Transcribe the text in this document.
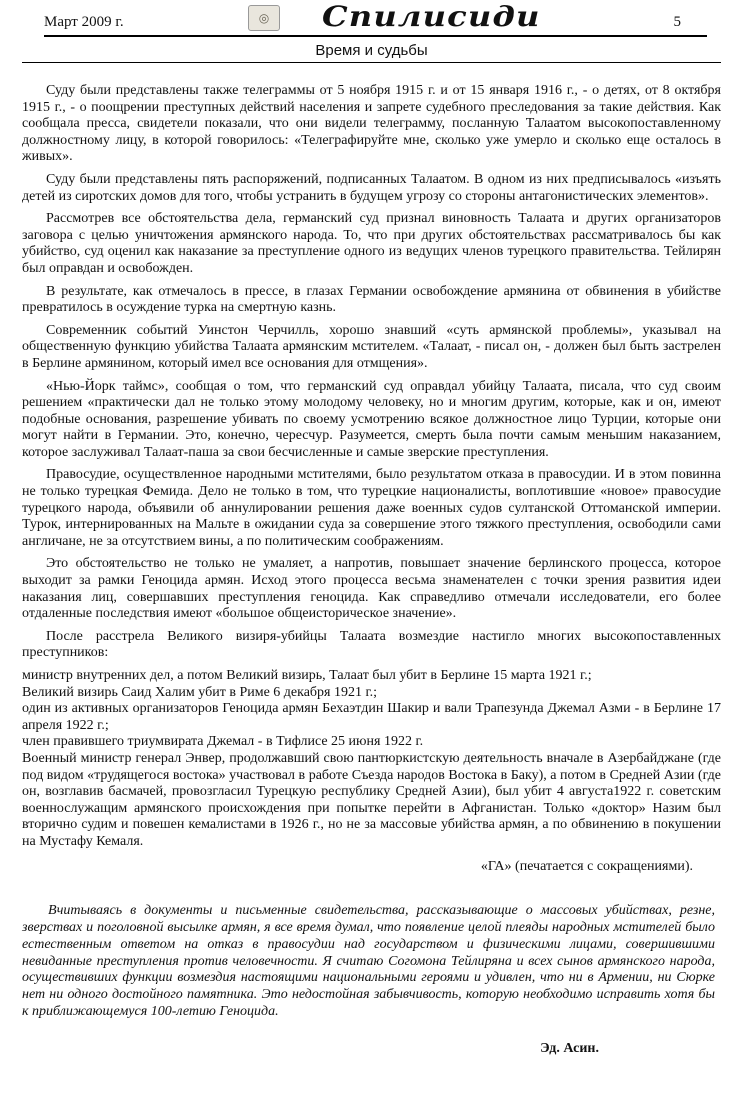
Март 2009 г.	◎	Спилисиди	5
Время и судьбы

Суду были представлены также телеграммы от 5 ноября 1915 г. и от 15 января 1916 г., - о детях, от 8 октября 1915 г., - о поощрении преступных действий населения и запрете судебного преследования за такие действия. Как сообщала пресса, свидетели показали, что они видели телеграмму, посланную Талаатом высокопоставленному должностному лицу, в которой говорилось: «Телеграфируйте мне, сколько уже умерло и сколько еще осталось в живых».

Суду были представлены пять распоряжений, подписанных Талаатом. В одном из них предписывалось «изъять детей из сиротских домов для того, чтобы устранить в будущем угрозу со стороны антагонистических элементов».

Рассмотрев все обстоятельства дела, германский суд признал виновность Талаата и других организаторов заговора с целью уничтожения армянского народа. То, что при других обстоятельствах рассматривалось бы как убийство, суд оценил как наказание за преступление одного из ведущих членов турецкого правительства. Тейлирян был оправдан и освобожден.

В результате, как отмечалось в прессе, в глазах Германии освобождение армянина от обвинения в убийстве превратилось в осуждение турка на смертную казнь.

Современник событий Уинстон Черчилль, хорошо знавший «суть армянской проблемы», указывал на общественную функцию убийства Талаата армянским мстителем. «Талаат, - писал он, - должен был быть застрелен в Берлине армянином, который имел все основания для отмщения».

«Нью-Йорк таймс», сообщая о том, что германский суд оправдал убийцу Талаата, писала, что суд своим решением «практически дал не только этому молодому человеку, но и многим другим, которые, как и он, имеют подобные основания, разрешение убивать по своему усмотрению всякое должностное лицо Турции, которые они могут найти в Германии. Это, конечно, чересчур. Разумеется, смерть была почти самым меньшим наказанием, которое заслуживал Талаат-паша за свои бесчисленные и самые зверские преступления.

Правосудие, осуществленное народными мстителями, было результатом отказа в правосудии. И в этом повинна не только турецкая Фемида. Дело не только в том, что турецкие националисты, воплотившие «новое» правосудие турецкого народа, объявили об аннулировании решения даже военных судов султанской Оттоманской империи. Турок, интернированных на Мальте в ожидании суда за совершение этого тяжкого преступления, освободили сами англичане, не за отсутствием вины, а по политическим соображениям.

Это обстоятельство не только не умаляет, а напротив, повышает значение берлинского процесса, которое выходит за рамки Геноцида армян. Исход этого процесса весьма знаменателен с точки зрения развития идеи наказания лиц, совершавших преступления геноцида. Как справедливо отмечали исследователи, его более отдаленные последствия имеют «большое общеисторическое значение».

После расстрела Великого визиря-убийцы Талаата возмездие настигло многих высокопоставленных преступников:

министр внутренних дел, а потом Великий визирь, Талаат был убит в Берлине 15 марта 1921 г.;

Великий визирь Саид Халим убит в Риме 6 декабря 1921 г.;

один из активных организаторов Геноцида армян Бехаэтдин Шакир и вали Трапезунда Джемал Азми - в Берлине 17 апреля 1922 г.;

член правившего триумвирата Джемал - в Тифлисе 25 июня 1922 г.

Военный министр генерал Энвер, продолжавший свою пантюркистскую деятельность вначале в Азербайджане (где под видом «трудящегося востока» участвовал в работе Съезда народов Востока в Баку), а потом в Средней Азии (где он, возглавив басмачей, провозгласил Турецкую республику Средней Азии), был убит 4 августа1922 г. советским военнослужащим армянского происхождения при попытке перейти в Афганистан. Только «доктор» Назим был вторично судим и повешен кемалистами в 1926 г., но не за массовые убийства армян, а по обвинению в покушении на Мустафу Кемаля.

«ГА» (печатается с сокращениями).

Вчитываясь в документы и письменные свидетельства, рассказывающие о массовых убийствах, резне, зверствах и поголовной высылке армян, я все время думал, что появление целой плеяды народных мстителей было естественным ответом на отказ в правосудии над государством и физическими лицами, совершившими невиданные преступления против человечности. Я считаю Согомона Тейлиряна и всех сынов армянского народа, осуществивших функции возмездия настоящими национальными героями и удивлен, что ни в Армении, ни Сюрке нет ни одного достойного памятника. Это недостойная забывчивость, которую необходимо исправить хотя бы к приближающемуся 100-летию Геноцида.
Эд. Асин.
